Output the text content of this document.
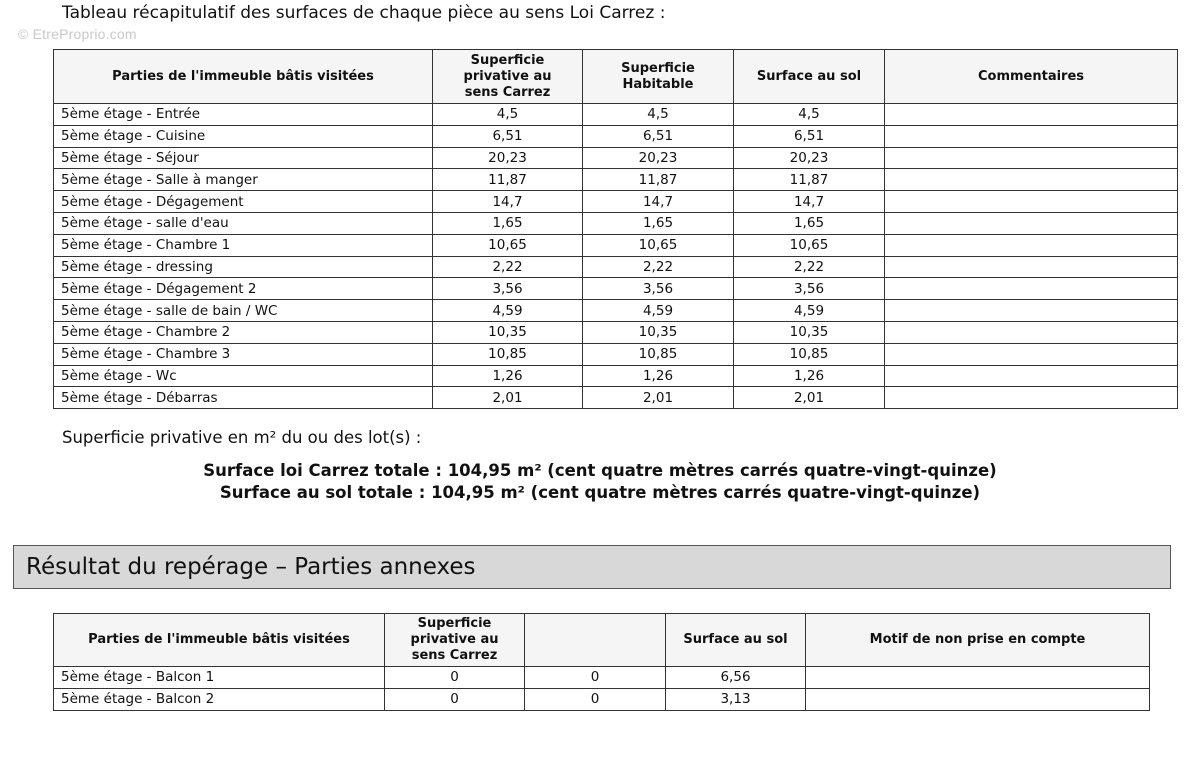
© EtreProprio.com
Tableau récapitulatif des surfaces de chaque pièce au sens Loi Carrez :
Parties de l'immeuble bâtis visitées	Superficie privative au sens Carrez	Superficie Habitable	Surface au sol	Commentaires
5ème étage - Entrée	4,5	4,5	4,5	
5ème étage - Cuisine	6,51	6,51	6,51	
5ème étage - Séjour	20,23	20,23	20,23	
5ème étage - Salle à manger	11,87	11,87	11,87	
5ème étage - Dégagement	14,7	14,7	14,7	
5ème étage - salle d'eau	1,65	1,65	1,65	
5ème étage - Chambre 1	10,65	10,65	10,65	
5ème étage - dressing	2,22	2,22	2,22	
5ème étage - Dégagement 2	3,56	3,56	3,56	
5ème étage - salle de bain / WC	4,59	4,59	4,59	
5ème étage - Chambre 2	10,35	10,35	10,35	
5ème étage - Chambre 3	10,85	10,85	10,85	
5ème étage - Wc	1,26	1,26	1,26	
5ème étage - Débarras	2,01	2,01	2,01	
Superficie privative en m² du ou des lot(s) :
Surface loi Carrez totale : 104,95 m² (cent quatre mètres carrés quatre-vingt-quinze)
Surface au sol totale : 104,95 m² (cent quatre mètres carrés quatre-vingt-quinze)
Résultat du repérage – Parties annexes
Parties de l'immeuble bâtis visitées	Superficie privative au sens Carrez		Surface au sol	Motif de non prise en compte
5ème étage - Balcon 1	0	0	6,56	
5ème étage - Balcon 2	0	0	3,13	
